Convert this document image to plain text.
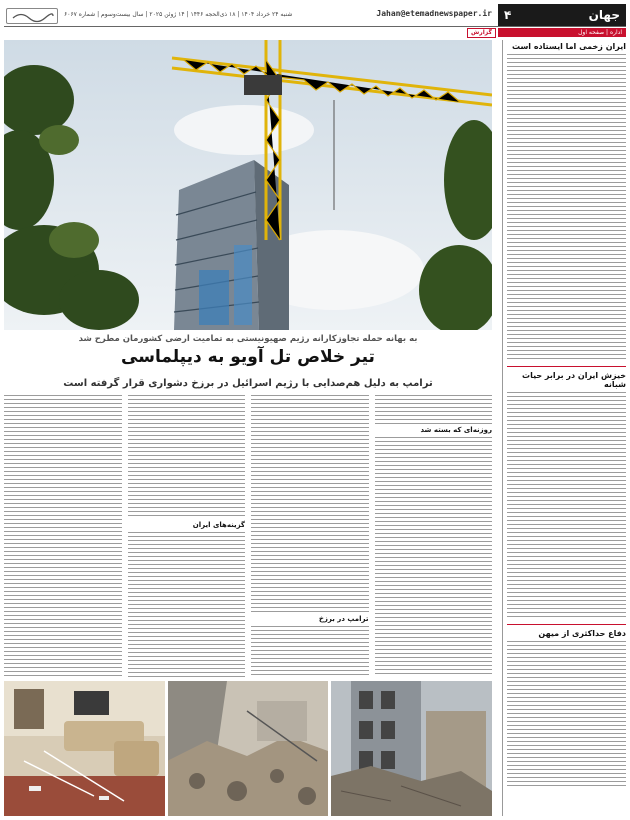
جهان
۴
Jahan@etemadnewspaper.ir
شنبه ۲۴ خرداد ۱۴۰۴ | ۱۸ ذی‌الحجه ۱۴۴۶ | ۱۴ ژوئن ۲۰۲۵ | سال بیست‌وسوم | شماره ۶۰۶۷
اداره | صفحه اول
گزارش
ایران زخمی اما ایستاده است
خیزش ایران در برابر حیات شبانه
دفاع حداکثری از میهن
به بهانه حمله تجاوزکارانه رژیم صهیونیستی به تمامیت ارضی کشورمان مطرح شد
تیر خلاص تل آویو به دیپلماسی
ترامپ به دلیل هم‌صدایی با رژیم اسرائیل در برزخ دشواری قرار گرفته است
روزنه‌ای که بسته شد
ترامپ در برزخ
گزینه‌های ایران
